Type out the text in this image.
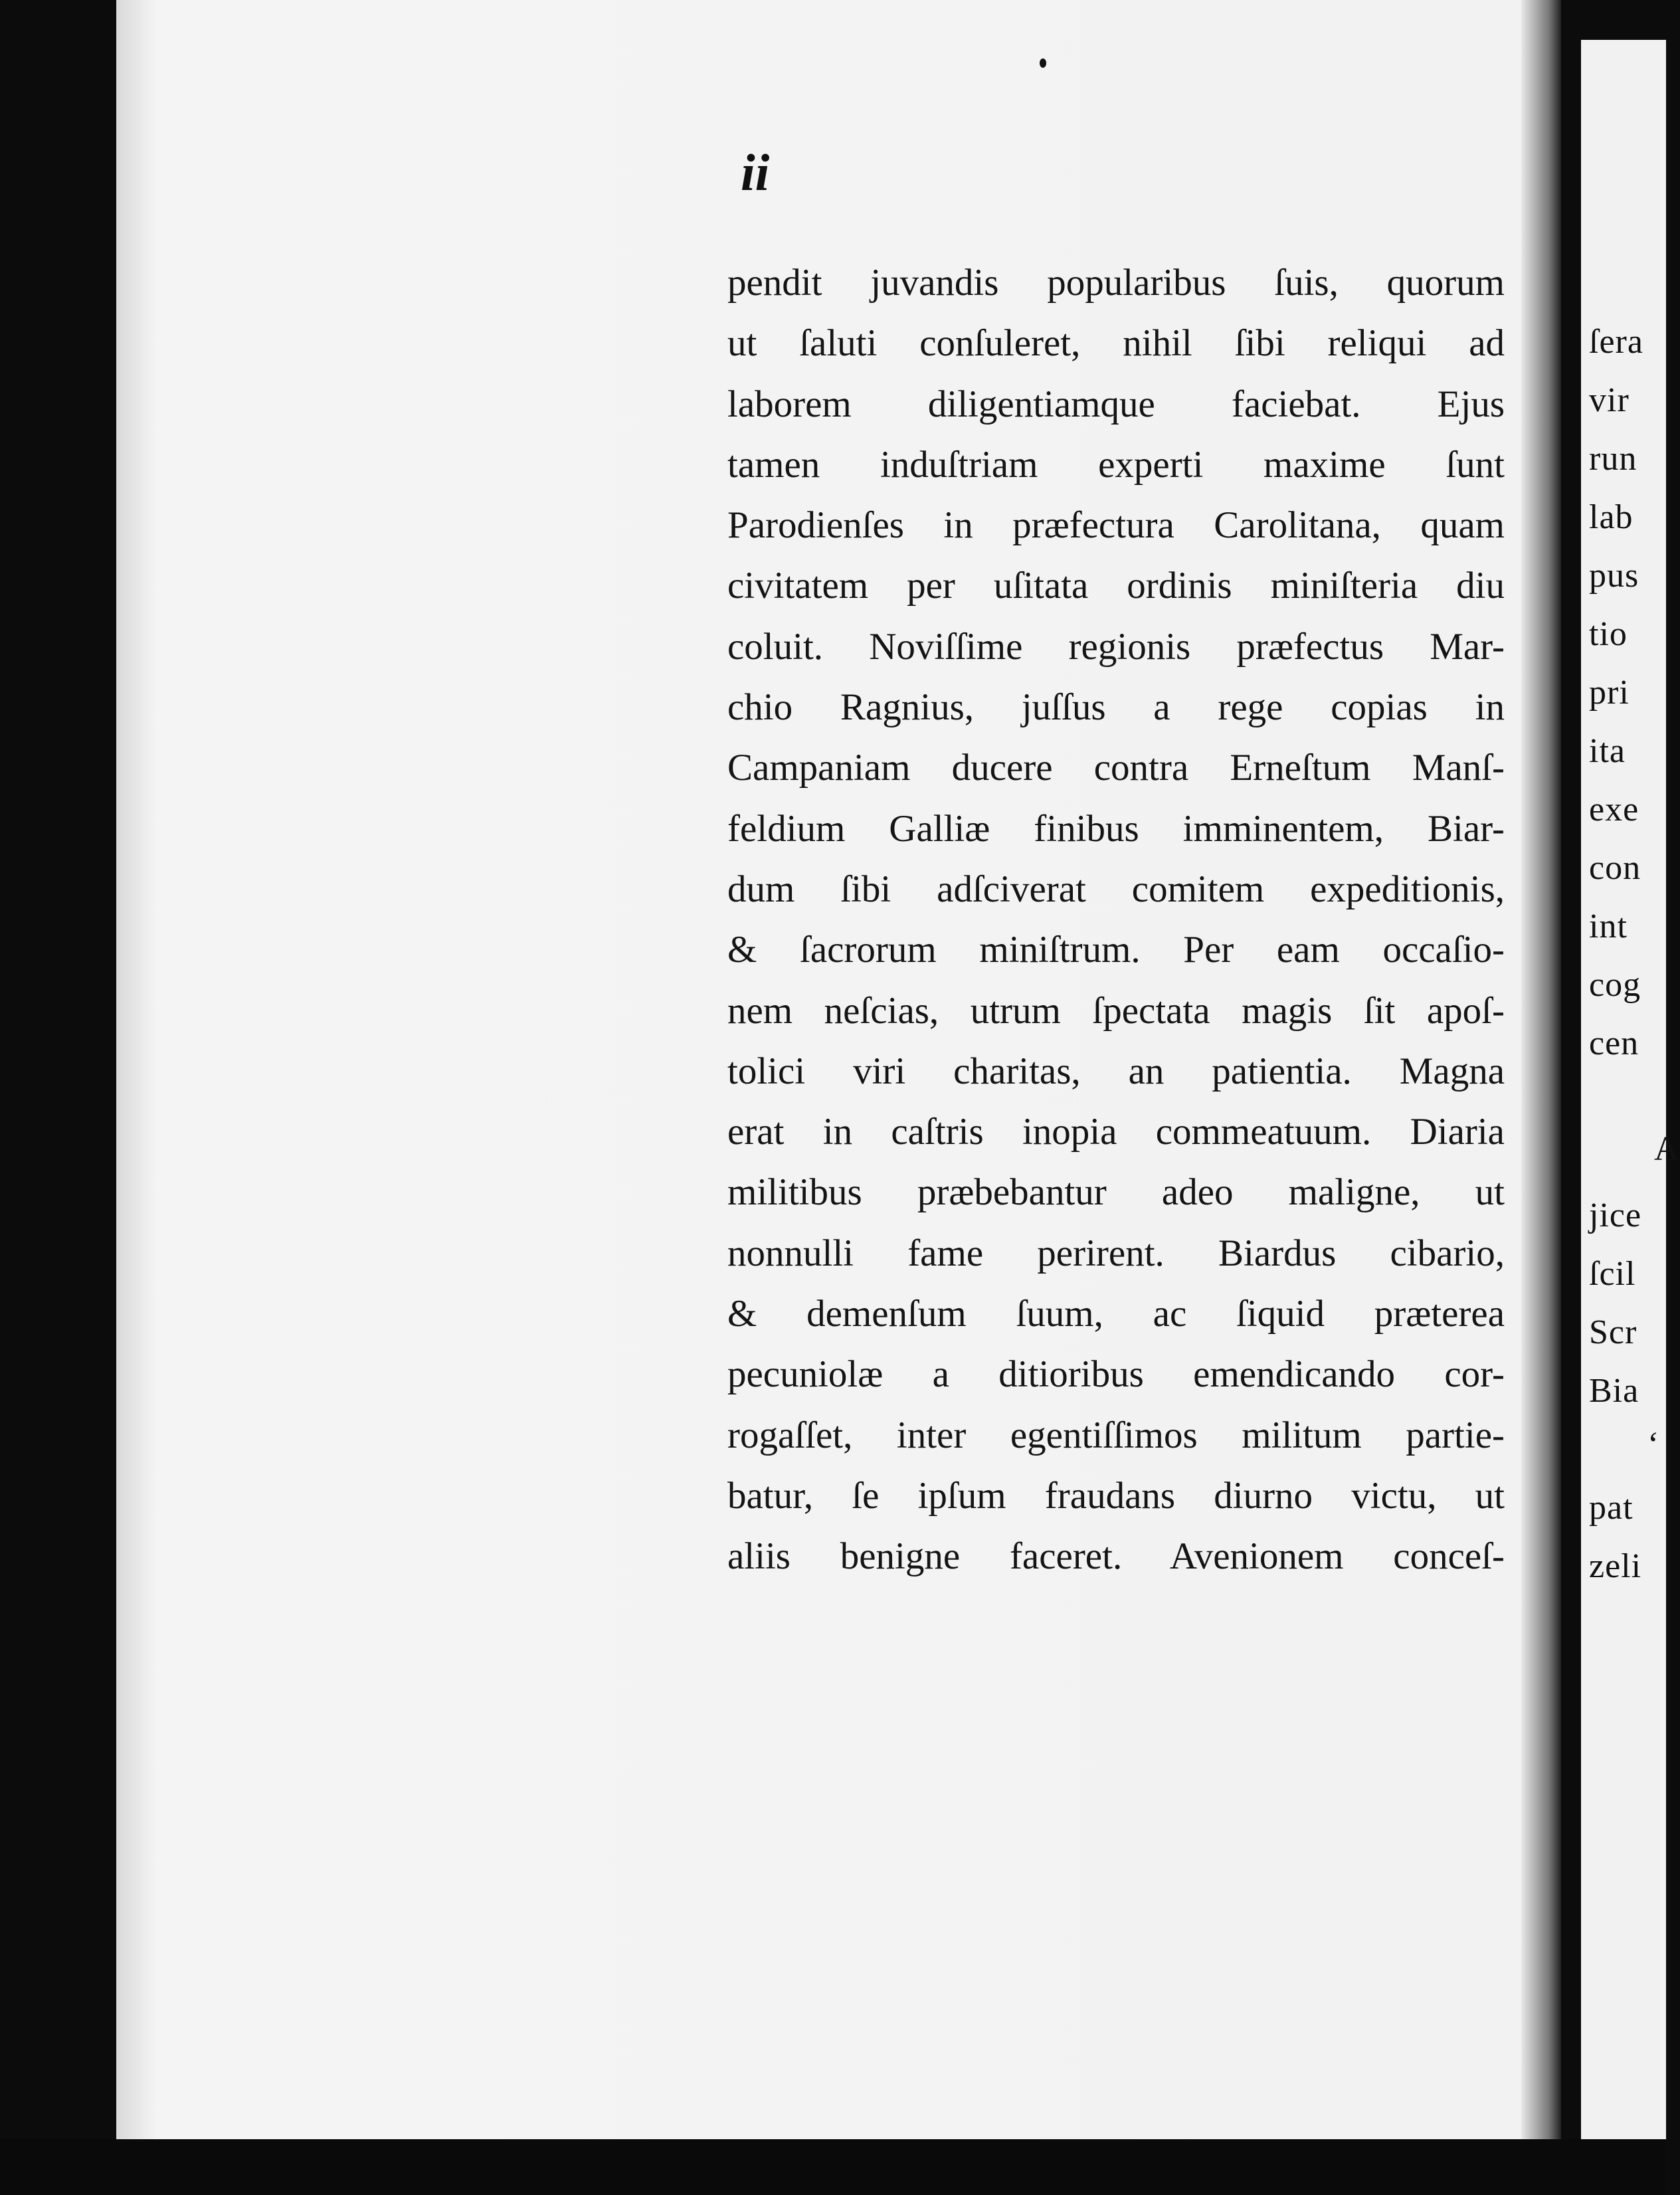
ii
pendit juvandis popularibus ſuis, quorum
ut ſaluti conſuleret, nihil ſibi reliqui ad
laborem diligentiamque faciebat. Ejus
tamen induſtriam experti maxime ſunt
Parodienſes in præfectura Carolitana, quam
civitatem per uſitata ordinis miniſteria diu
coluit. Noviſſime regionis præfectus Mar-
chio Ragnius, juſſus a rege copias in
Campaniam ducere contra Erneſtum Manſ-
feldium Galliæ finibus imminentem, Biar-
dum ſibi adſciverat comitem expeditionis,
& ſacrorum miniſtrum. Per eam occaſio-
nem neſcias, utrum ſpectata magis ſit apoſ-
tolici viri charitas, an patientia. Magna
erat in caſtris inopia commeatuum. Diaria
militibus præbebantur adeo maligne, ut
nonnulli fame perirent. Biardus cibario,
& demenſum ſuum, ac ſiquid præterea
pecuniolæ a ditioribus emendicando cor-
rogaſſet, inter egentiſſimos militum partie-
batur, ſe ipſum fraudans diurno victu, ut
aliis benigne faceret. Avenionem conceſ-
ſera
vir
run
lab
pus
tio
pri
ita
exe
con
int
cog
cen
A
jice
ſcil
Scr
Bia
‘
pat
zeli
